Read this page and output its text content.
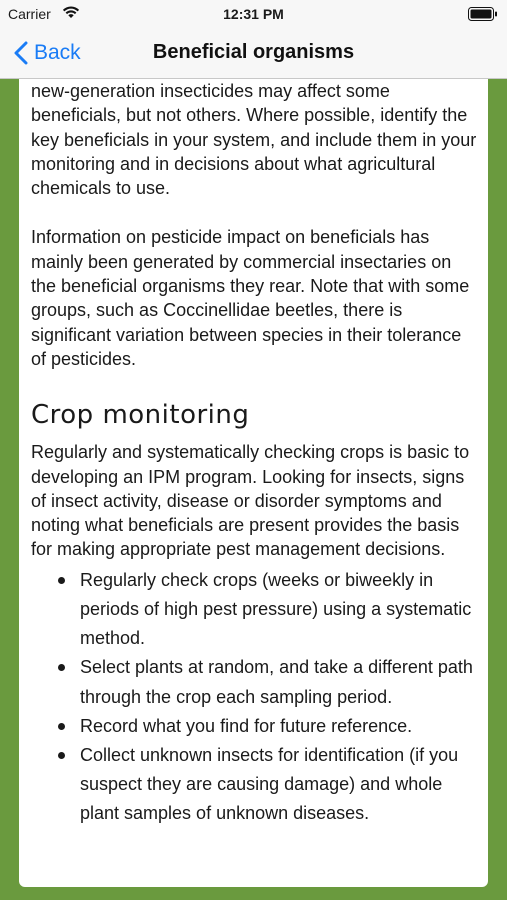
Carrier	12:31 PM
Back	Beneficial organisms

new-generation insecticides may affect some beneficials, but not others. Where possible, identify the key beneficials in your system, and include them in your monitoring and in decisions about what agricultural chemicals to use.

Information on pesticide impact on beneficials has mainly been generated by commercial insectaries on the beneficial organisms they rear. Note that with some groups, such as Coccinellidae beetles, there is significant variation between species in their tolerance of pesticides.

Crop monitoring

Regularly and systematically checking crops is basic to developing an IPM program. Looking for insects, signs of insect activity, disease or disorder symptoms and noting what beneficials are present provides the basis for making appropriate pest management decisions.

Regularly check crops (weeks or biweekly in periods of high pest pressure) using a systematic method.
Select plants at random, and take a different path through the crop each sampling period.
Record what you find for future reference.
Collect unknown insects for identification (if you suspect they are causing damage) and whole plant samples of unknown diseases.
